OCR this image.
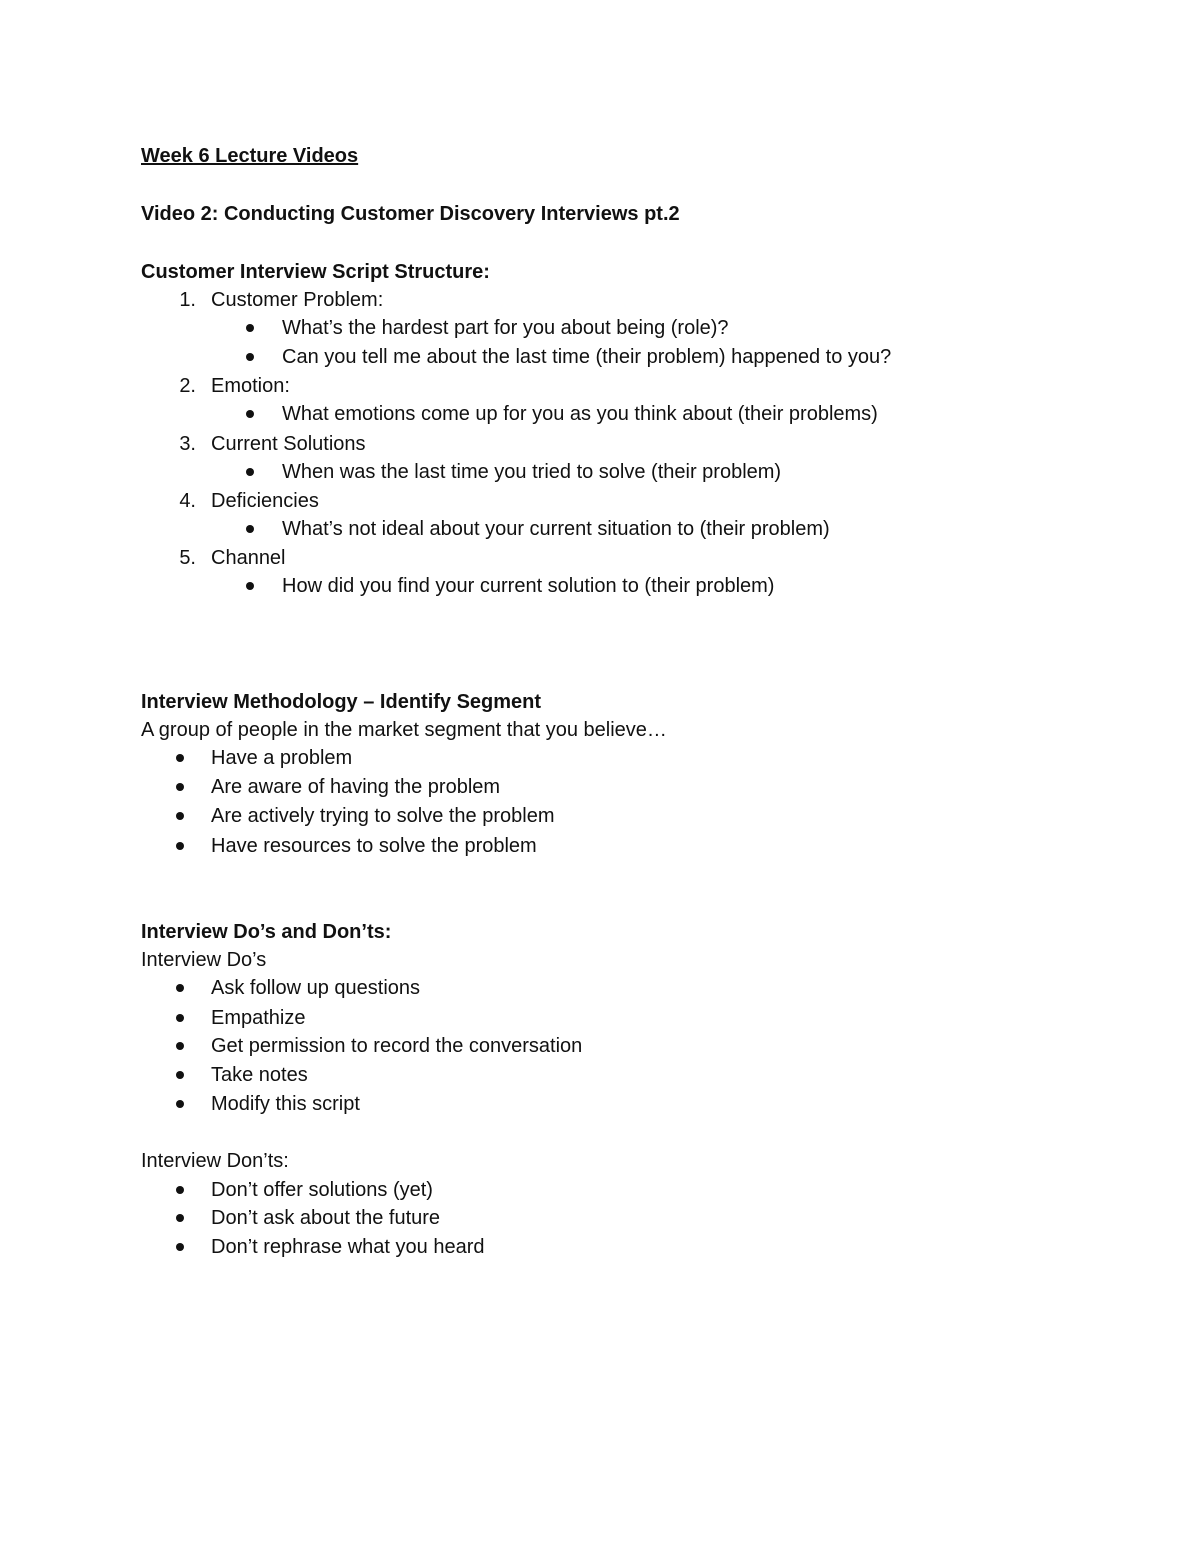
Week 6 Lecture Videos
Video 2: Conducting Customer Discovery Interviews pt.2
Customer Interview Script Structure:
1. Customer Problem:
What’s the hardest part for you about being (role)?
Can you tell me about the last time (their problem) happened to you?
2. Emotion:
What emotions come up for you as you think about (their problems)
3. Current Solutions
When was the last time you tried to solve (their problem)
4. Deficiencies
What’s not ideal about your current situation to (their problem)
5. Channel
How did you find your current solution to (their problem)
Interview Methodology – Identify Segment
A group of people in the market segment that you believe…
Have a problem
Are aware of having the problem
Are actively trying to solve the problem
Have resources to solve the problem
Interview Do’s and Don’ts:
Interview Do’s
Ask follow up questions
Empathize
Get permission to record the conversation
Take notes
Modify this script
Interview Don’ts:
Don’t offer solutions (yet)
Don’t ask about the future
Don’t rephrase what you heard
